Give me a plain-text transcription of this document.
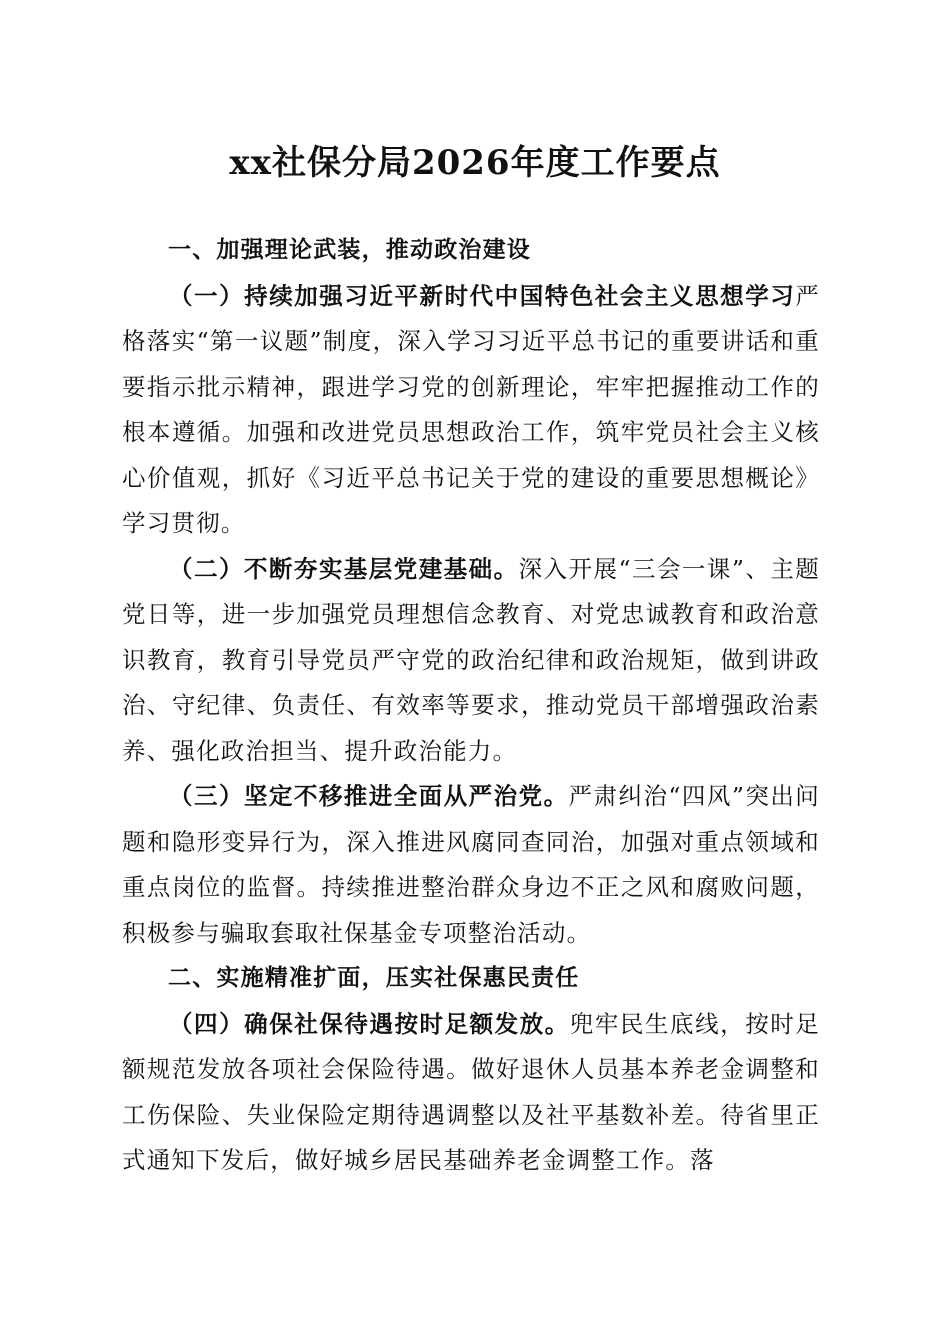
xx社保分局2026年度工作要点

一、加强理论武装，推动政治建设

（一）持续加强习近平新时代中国特色社会主义思想学习严格落实“第一议题”制度，深入学习习近平总书记的重要讲话和重要指示批示精神，跟进学习党的创新理论，牢牢把握推动工作的根本遵循。加强和改进党员思想政治工作，筑牢党员社会主义核心价值观，抓好《习近平总书记关于党的建设的重要思想概论》学习贯彻。

（二）不断夯实基层党建基础。深入开展“三会一课”、主题党日等，进一步加强党员理想信念教育、对党忠诚教育和政治意识教育，教育引导党员严守党的政治纪律和政治规矩，做到讲政治、守纪律、负责任、有效率等要求，推动党员干部增强政治素养、强化政治担当、提升政治能力。

（三）坚定不移推进全面从严治党。严肃纠治“四风”突出问题和隐形变异行为，深入推进风腐同查同治，加强对重点领域和重点岗位的监督。持续推进整治群众身边不正之风和腐败问题，积极参与骗取套取社保基金专项整治活动。

二、实施精准扩面，压实社保惠民责任

（四）确保社保待遇按时足额发放。兜牢民生底线，按时足额规范发放各项社会保险待遇。做好退休人员基本养老金调整和工伤保险、失业保险定期待遇调整以及社平基数补差。待省里正式通知下发后，做好城乡居民基础养老金调整工作。落
